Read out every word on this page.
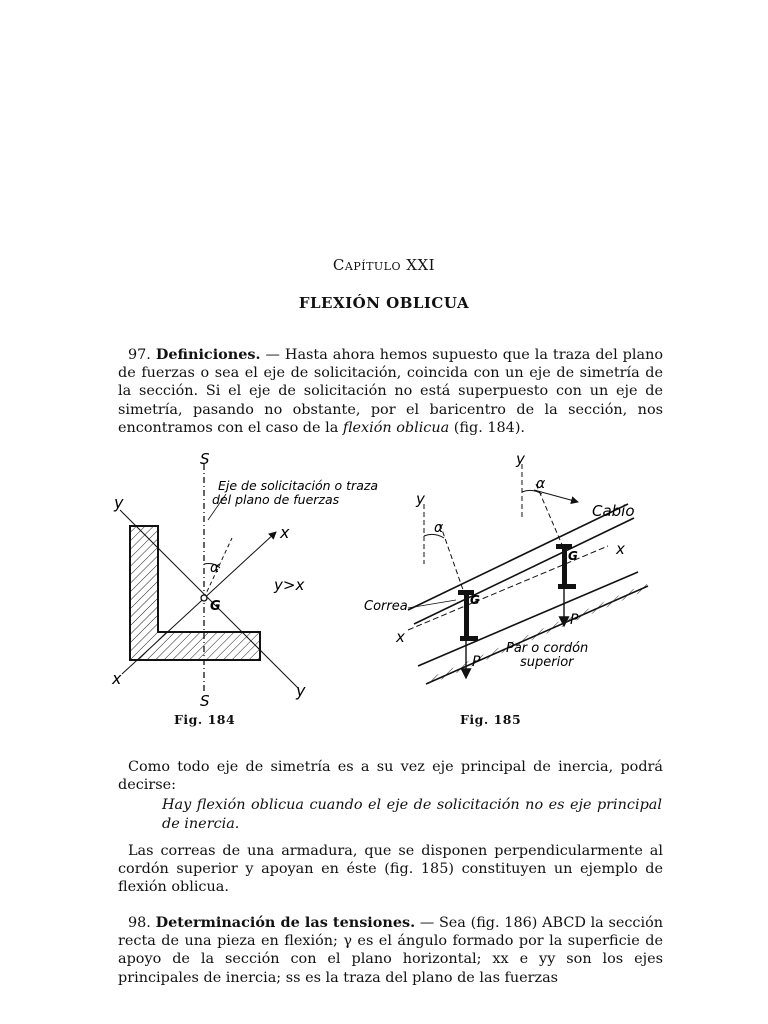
Capítulo XXI
FLEXIÓN OBLICUA
97. Definiciones. — Hasta ahora hemos supuesto que la traza del plano de fuerzas o sea el eje de solicitación, coincida con un eje de simetría de la sección. Si el eje de solicitación no está superpuesto con un eje de simetría, pasando no obstante, por el baricentro de la sección, nos encontramos con el caso de la flexión oblicua (fig. 184).
S
S
y
x
x
y
α
G
y>x
Eje de solicitación o traza
del plano de fuerzas	y
y
α
α
Cabio
x
x
G
G
Correa
P
P
Par o cordón
superior
Fig. 184	Fig. 185
Como todo eje de simetría es a su vez eje principal de inercia, podrá decirse:
Hay flexión oblicua cuando el eje de solicitación no es eje principal de inercia.
Las correas de una armadura, que se disponen perpendicularmente al cordón superior y apoyan en éste (fig. 185) constituyen un ejemplo de flexión oblicua.
98. Determinación de las tensiones. — Sea (fig. 186) ABCD la sección recta de una pieza en flexión; γ es el ángulo formado por la superficie de apoyo de la sección con el plano horizontal; xx e yy son los ejes principales de inercia; ss es la traza del plano de las fuerzas
